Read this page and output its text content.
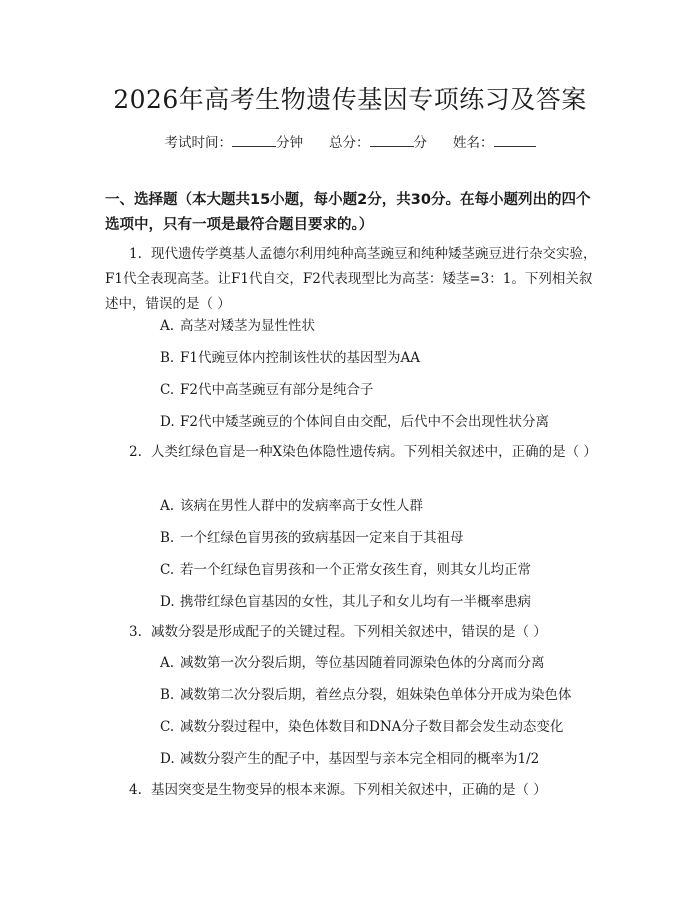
2026年高考生物遗传基因专项练习及答案
考试时间：	分钟 总分：	分 姓名：
一、选择题（本大题共15小题，每小题2分，共30分。在每小题列出的四个选项中，只有一项是最符合题目要求的。）
1. 现代遗传学奠基人孟德尔利用纯种高茎豌豆和纯种矮茎豌豆进行杂交实验，F1代全表现高茎。让F1代自交，F2代表现型比为高茎：矮茎=3：1。下列相关叙述中，错误的是（ ）
A. 高茎对矮茎为显性性状
B. F1代豌豆体内控制该性状的基因型为AA
C. F2代中高茎豌豆有部分是纯合子
D. F2代中矮茎豌豆的个体间自由交配，后代中不会出现性状分离
2. 人类红绿色盲是一种X染色体隐性遗传病。下列相关叙述中，正确的是（ ）
A. 该病在男性人群中的发病率高于女性人群
B. 一个红绿色盲男孩的致病基因一定来自于其祖母
C. 若一个红绿色盲男孩和一个正常女孩生育，则其女儿均正常
D. 携带红绿色盲基因的女性，其儿子和女儿均有一半概率患病
3. 减数分裂是形成配子的关键过程。下列相关叙述中，错误的是（ ）
A. 减数第一次分裂后期，等位基因随着同源染色体的分离而分离
B. 减数第二次分裂后期，着丝点分裂，姐妹染色单体分开成为染色体
C. 减数分裂过程中，染色体数目和DNA分子数目都会发生动态变化
D. 减数分裂产生的配子中，基因型与亲本完全相同的概率为1/2
4. 基因突变是生物变异的根本来源。下列相关叙述中，正确的是（ ）
